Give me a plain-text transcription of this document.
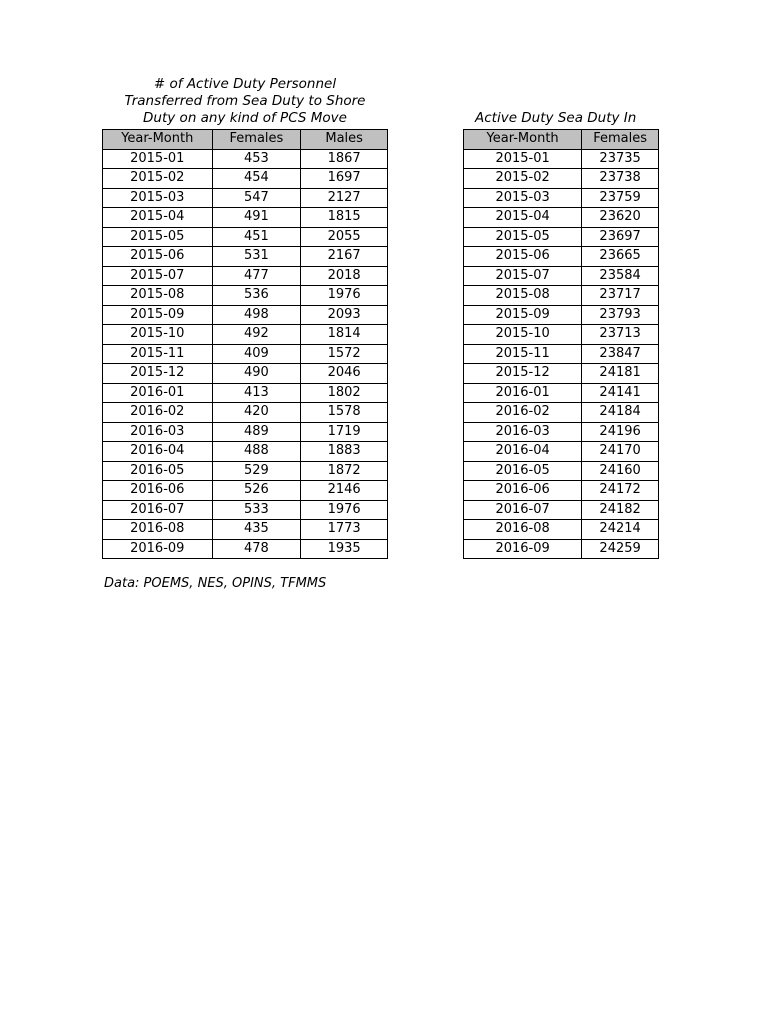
# of Active Duty Personnel
Transferred from Sea Duty to Shore
Duty on any kind of PCS Move
Year-Month	Females	Males
2015-01	453	1867
2015-02	454	1697
2015-03	547	2127
2015-04	491	1815
2015-05	451	2055
2015-06	531	2167
2015-07	477	2018
2015-08	536	1976
2015-09	498	2093
2015-10	492	1814
2015-11	409	1572
2015-12	490	2046
2016-01	413	1802
2016-02	420	1578
2016-03	489	1719
2016-04	488	1883
2016-05	529	1872
2016-06	526	2146
2016-07	533	1976
2016-08	435	1773
2016-09	478	1935
Active Duty Sea Duty In
Year-Month	Females
2015-01	23735
2015-02	23738
2015-03	23759
2015-04	23620
2015-05	23697
2015-06	23665
2015-07	23584
2015-08	23717
2015-09	23793
2015-10	23713
2015-11	23847
2015-12	24181
2016-01	24141
2016-02	24184
2016-03	24196
2016-04	24170
2016-05	24160
2016-06	24172
2016-07	24182
2016-08	24214
2016-09	24259
Data: POEMS, NES, OPINS, TFMMS
